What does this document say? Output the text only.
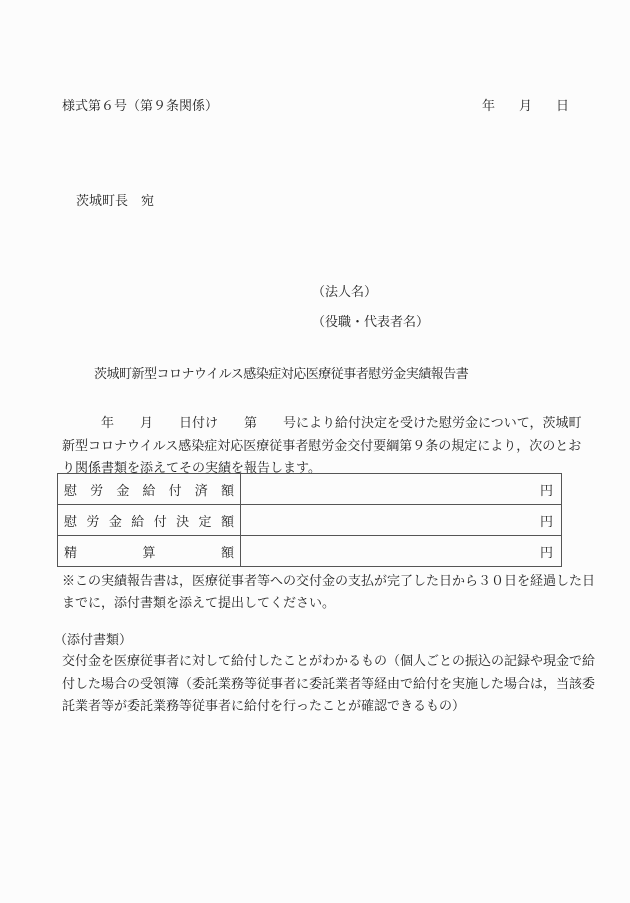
様式第６号（第９条関係）	年 月 日
茨城町長　宛
（法人名）
（役職・代表者名）
茨城町新型コロナウイルス感染症対応医療従事者慰労金実績報告書
　　　年　　月　　日付け　　第　　号により給付決定を受けた慰労金について，茨城町
新型コロナウイルス感染症対応医療従事者慰労金交付要綱第９条の規定により，次のとお
り関係書類を添えてその実績を報告します。
慰 労 金 給 付 済 額	円

慰 労 金 給 付 決 定 額	円

精 算 額	円
※この実績報告書は，医療従事者等への交付金の支払が完了した日から３０日を経過した日
までに，添付書類を添えて提出してください。
（添付書類）
交付金を医療従事者に対して給付したことがわかるもの（個人ごとの振込の記録や現金で給
付した場合の受領簿（委託業務等従事者に委託業者等経由で給付を実施した場合は，当該委
託業者等が委託業務等従事者に給付を行ったことが確認できるもの）
